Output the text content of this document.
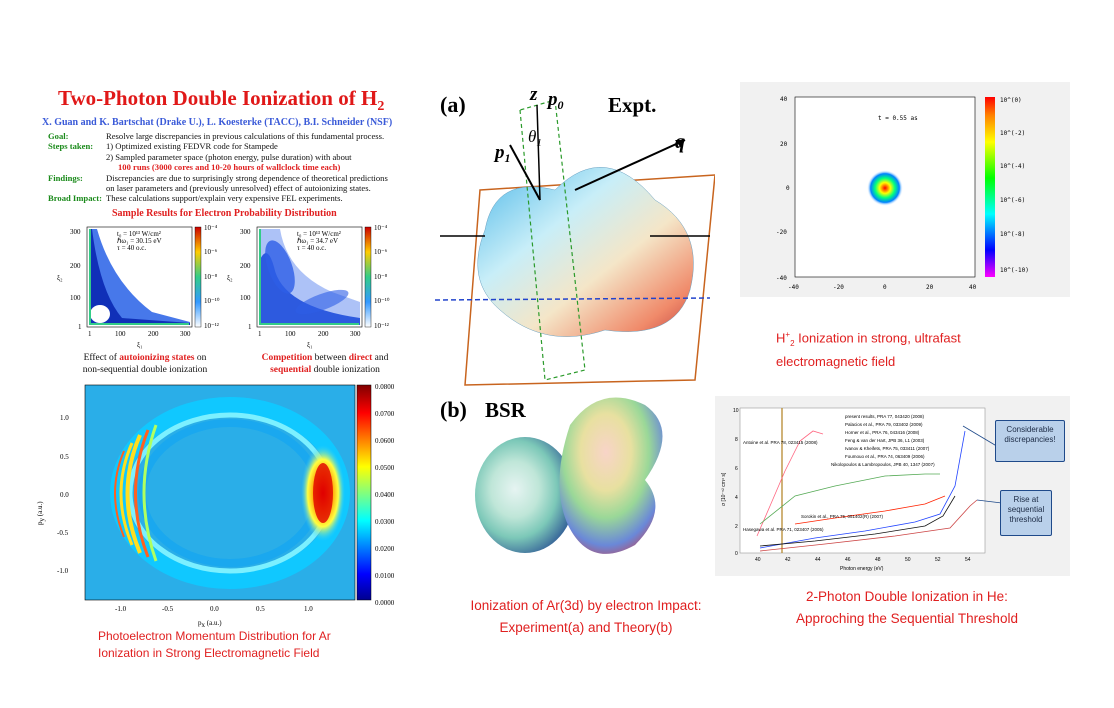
Two-Photon Double Ionization of $H_2$
X. Guan and K. Bartschat (Drake U.), L. Koesterke (TACC), B.I. Schneider (NSF)
Goal:	Resolve large discrepancies in previous calculations of this fundamental process.
Steps taken:	1) Optimized existing FEDVR code for Stampede
2) Sampled parameter space (photon energy, pulse duration) with about
100 runs (3000 cores and 10-20 hours of wallclock time each)
Findings:	Discrepancies are due to surprisingly strong dependence of theoretical predictions
on laser parameters and (previously unresolved) effect of autoionizing states.
Broad Impact: These calculations support/explain very expensive FEL experiments.
Sample Results for Electron Probability Distribution
t₀ = 10¹³ W/cm²
ℏω₁ = 30.15 eV
τ = 40 o.c.
10⁻⁴
10⁻⁶
10⁻⁸
10⁻¹⁰
10⁻¹²
300
200
100
1
1	100	200	300
ξ₁
ξ₂
t₀ = 10¹³ W/cm²
ℏω₁ = 34.7 eV
τ = 40 o.c.
10⁻⁴
10⁻⁶
10⁻⁸
10⁻¹⁰
10⁻¹²
300
200
100
1
1	100	200	300
ξ₁
ξ₂
Effect of autoionizing states on
non-sequential double ionization
Competition between direct and
sequential double ionization
0.0800
0.0700
0.0600
0.0500
0.0400
0.0300
0.0200
0.0100
0.0000
1.0
0.5
0.0
-0.5
-1.0
-1.0	-0.5	0.0	0.5	1.0
px (a.u.)
py (a.u.)
Photoelectron Momentum Distribution for Ar
Ionization in Strong Electromagnetic Field
(a)	Expt.
z $p_0$
$p_1$
$\theta_1$	q
(b) BSR
Ionization of Ar(3d) by electron Impact:
Experiment(a) and Theory(b)
t = 0.55 as
10^(0)
10^(-2)
10^(-4)
10^(-6)
10^(-8)
10^(-10)
40
20
0
-20
-40
-40	-20	0	20	40
$H^+_2$ Ionization in strong, ultrafast
electromagnetic field
present results, PRA 77, 043420 (2008)
Palacios et al., PRA 79, 033402 (2009)
Horner et al., PRA 76, 043416 (2008)
Feng & van der Hart, JPB 36, L1 (2003)
Ivanov & Kheifets, PRA 75, 033411 (2007)
Foumouo et al., PRA 74, 063409 (2006)
Nikolopoulos & Lambropoulos, JPB 40, 1347 (2007)
Antoine et al. PRA 78, 023415 (2008)
Hasegawa et al. PRA 71, 023407 (2005)
Sorokin et al., PRA 75, 051402(R) (2007)
10
8
6
4
2
0
40	42	44	46	48	50	52	54
Photon energy (eV)
σ [10⁻⁵² cm⁴ s]
Considerable discrepancies!
Rise at sequential threshold
2-Photon Double Ionization in He:
Approching the Sequential Threshold
